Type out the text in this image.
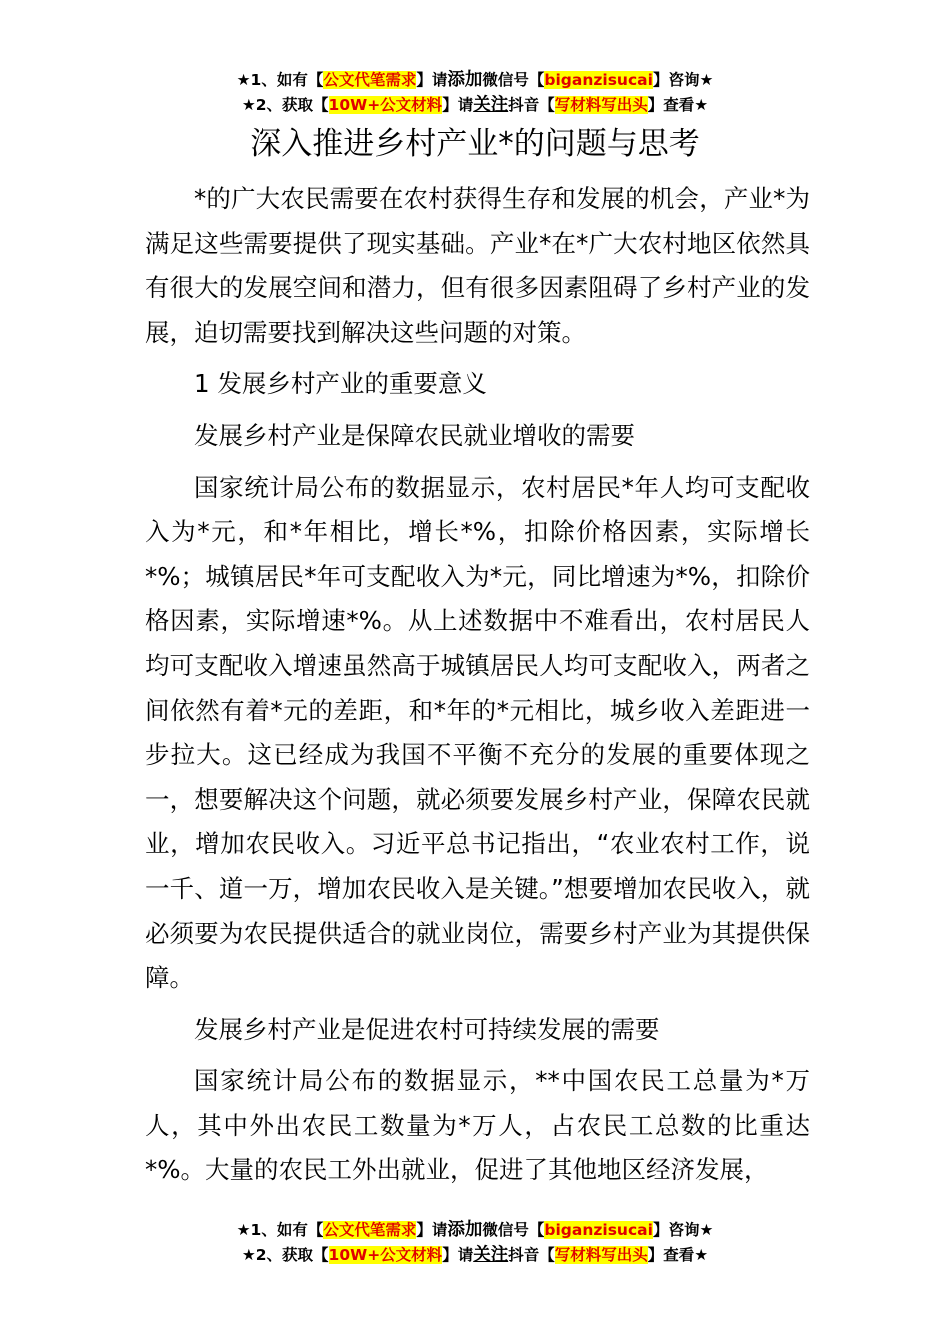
★1、如有【公文代笔需求】请添加微信号【biganzisucai】咨询★
★2、获取【10W+公文材料】请关注抖音【写材料写出头】查看★
深入推进乡村产业*的问题与思考

*的广大农民需要在农村获得生存和发展的机会，产业*为满足这些需要提供了现实基础。产业*在*广大农村地区依然具有很大的发展空间和潜力，但有很多因素阻碍了乡村产业的发展，迫切需要找到解决这些问题的对策。

1 发展乡村产业的重要意义

发展乡村产业是保障农民就业增收的需要

国家统计局公布的数据显示，农村居民*年人均可支配收入为*元，和*年相比，增长*%，扣除价格因素，实际增长*%；城镇居民*年可支配收入为*元，同比增速为*%，扣除价格因素，实际增速*%。从上述数据中不难看出，农村居民人均可支配收入增速虽然高于城镇居民人均可支配收入，两者之间依然有着*元的差距，和*年的*元相比，城乡收入差距进一步拉大。这已经成为我国不平衡不充分的发展的重要体现之一，想要解决这个问题，就必须要发展乡村产业，保障农民就业，增加农民收入。习近平总书记指出，“农业农村工作，说一千、道一万，增加农民收入是关键。”想要增加农民收入，就必须要为农民提供适合的就业岗位，需要乡村产业为其提供保障。

发展乡村产业是促进农村可持续发展的需要

国家统计局公布的数据显示，**中国农民工总量为*万人，其中外出农民工数量为*万人，占农民工总数的比重达*%。大量的农民工外出就业，促进了其他地区经济发展，

★1、如有【公文代笔需求】请添加微信号【biganzisucai】咨询★
★2、获取【10W+公文材料】请关注抖音【写材料写出头】查看★
